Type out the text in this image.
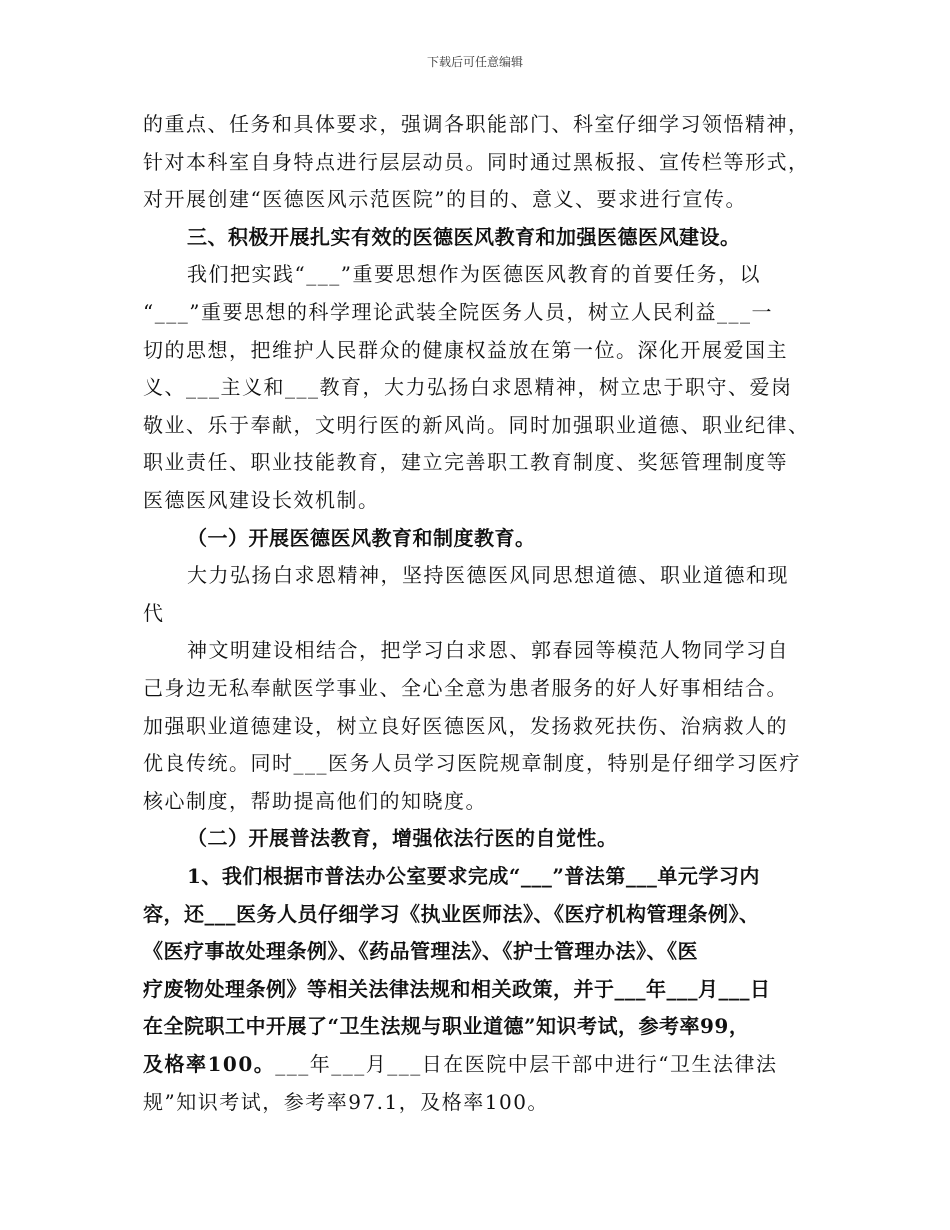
下载后可任意编辑
的重点、任务和具体要求，强调各职能部门、科室仔细学习领悟精神，
针对本科室自身特点进行层层动员。同时通过黑板报、宣传栏等形式，
对开展创建“医德医风示范医院”的目的、意义、要求进行宣传。
三、积极开展扎实有效的医德医风教育和加强医德医风建设。
我们把实践“___”重要思想作为医德医风教育的首要任务，以
“___”重要思想的科学理论武装全院医务人员，树立人民利益___一
切的思想，把维护人民群众的健康权益放在第一位。深化开展爱国主
义、___主义和___教育，大力弘扬白求恩精神，树立忠于职守、爱岗
敬业、乐于奉献，文明行医的新风尚。同时加强职业道德、职业纪律、
职业责任、职业技能教育，建立完善职工教育制度、奖惩管理制度等
医德医风建设长效机制。
（一）开展医德医风教育和制度教育。
大力弘扬白求恩精神，坚持医德医风同思想道德、职业道德和现
代
神文明建设相结合，把学习白求恩、郭春园等模范人物同学习自
己身边无私奉献医学事业、全心全意为患者服务的好人好事相结合。
加强职业道德建设，树立良好医德医风，发扬救死扶伤、治病救人的
优良传统。同时___医务人员学习医院规章制度，特别是仔细学习医疗
核心制度，帮助提高他们的知晓度。
（二）开展普法教育，增强依法行医的自觉性。
1、我们根据市普法办公室要求完成“___”普法第___单元学习内
容，还___医务人员仔细学习《执业医师法》、《医疗机构管理条例》、
《医疗事故处理条例》、《药品管理法》、《护士管理办法》、《医
疗废物处理条例》等相关法律法规和相关政策，并于___年___月___日
在全院职工中开展了“卫生法规与职业道德”知识考试，参考率99，
及格率100。___年___月___日在医院中层干部中进行“卫生法律法
规”知识考试，参考率97.1，及格率100。
